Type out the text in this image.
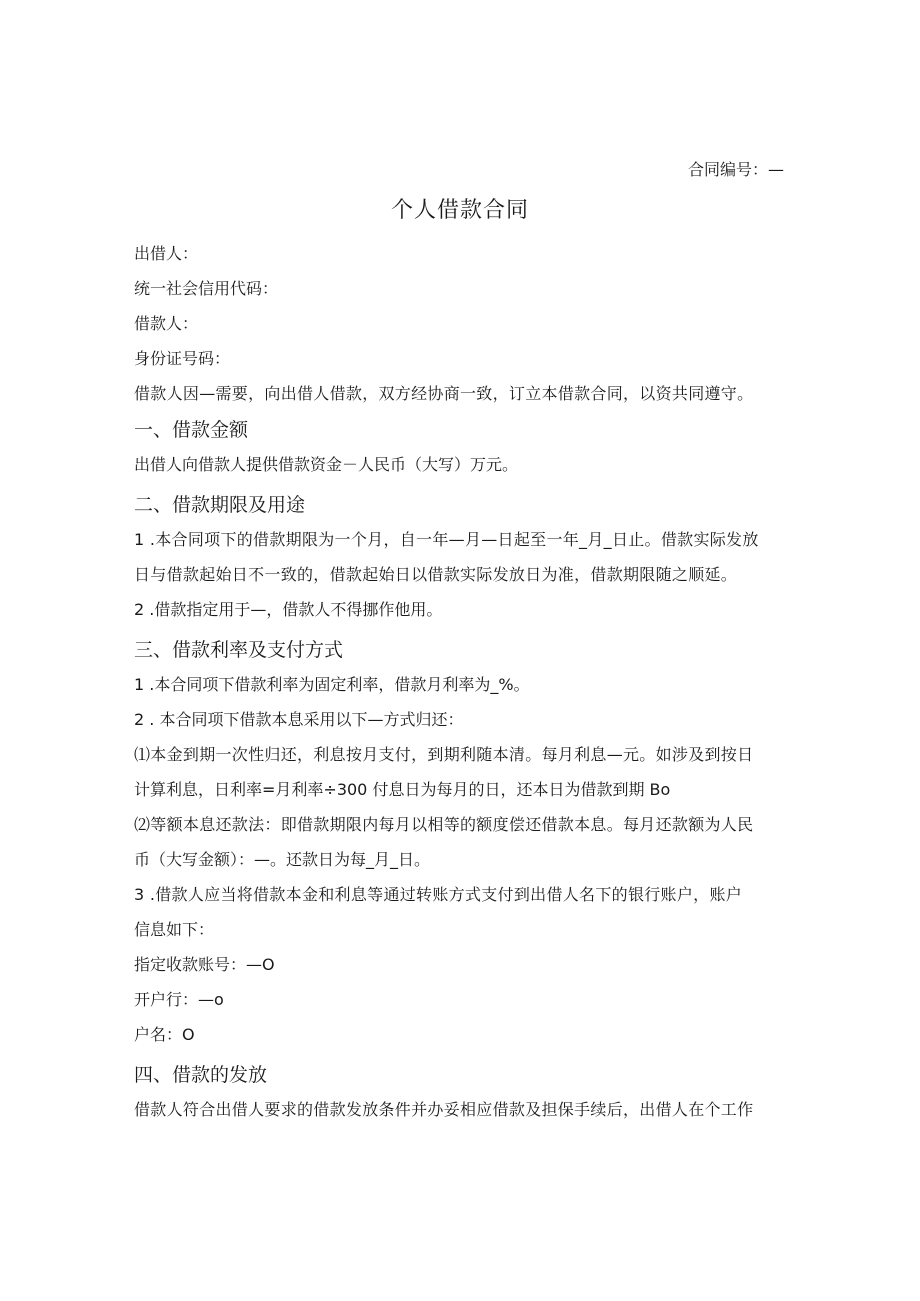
合同编号：—
个人借款合同
出借人：
统一社会信用代码：
借款人：
身份证号码：
借款人因—需要，向出借人借款，双方经协商一致，订立本借款合同，以资共同遵守。
一、借款金额
出借人向借款人提供借款资金－人民币（大写）万元。
二、借款期限及用途
1 .本合同项下的借款期限为一个月，自一年—月—日起至一年_月_日止。借款实际发放
日与借款起始日不一致的，借款起始日以借款实际发放日为准，借款期限随之顺延。
2 .借款指定用于—，借款人不得挪作他用。
三、借款利率及支付方式
1 .本合同项下借款利率为固定利率，借款月利率为_%。
2 . 本合同项下借款本息采用以下—方式归还：
⑴本金到期一次性归还，利息按月支付，到期利随本清。每月利息—元。如涉及到按日
计算利息，日利率=月利率÷300 付息日为每月的日，还本日为借款到期 Bo
⑵等额本息还款法：即借款期限内每月以相等的额度偿还借款本息。每月还款额为人民
币（大写金额）：—。还款日为每_月_日。
3 .借款人应当将借款本金和利息等通过转账方式支付到出借人名下的银行账户，账户
信息如下：
指定收款账号：—O
开户行：—o
户名：O
四、借款的发放
借款人符合出借人要求的借款发放条件并办妥相应借款及担保手续后，出借人在个工作
